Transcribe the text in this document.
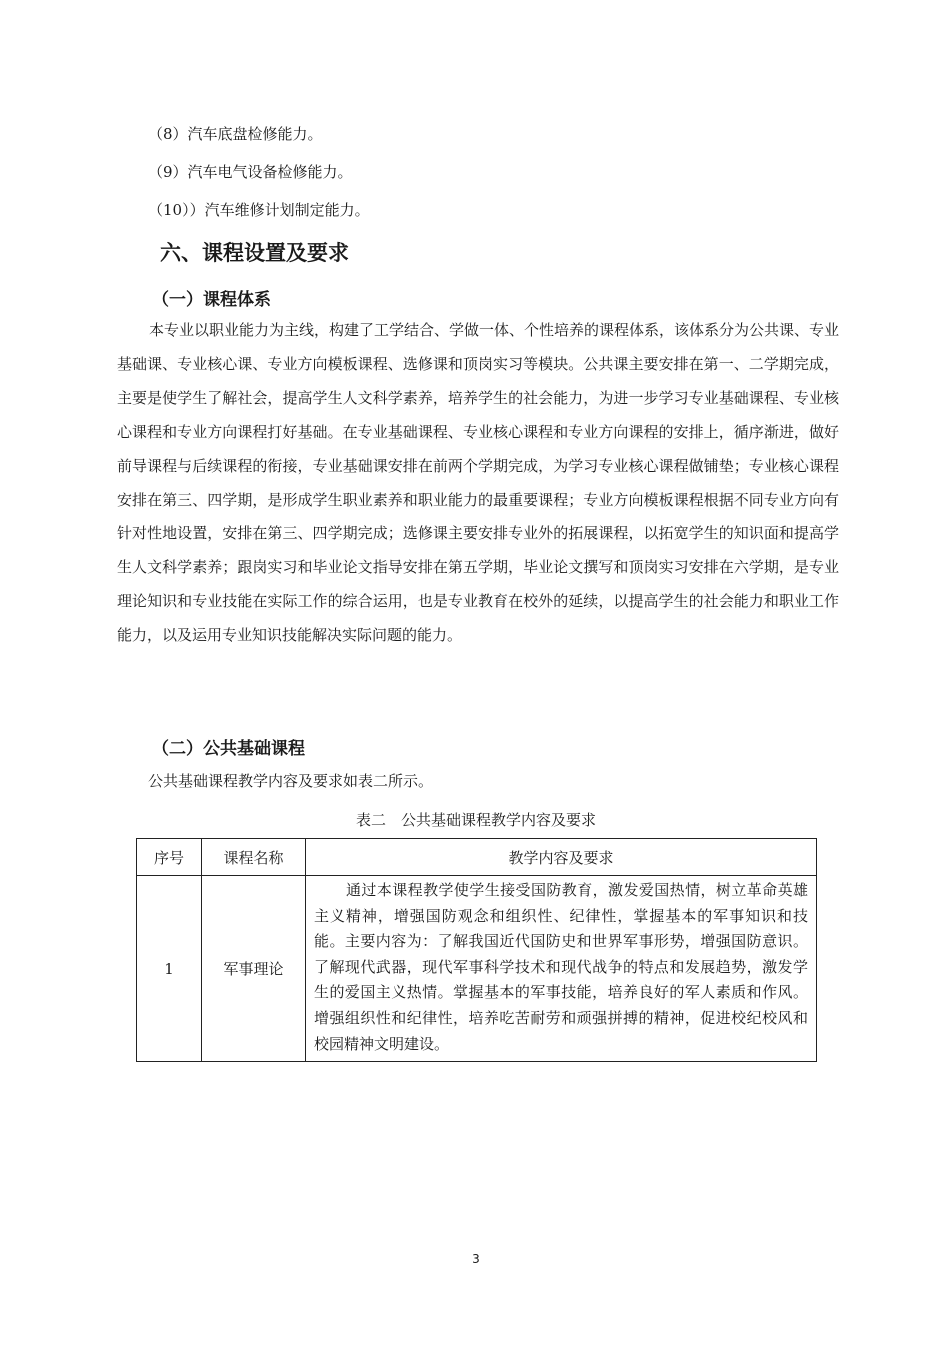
（8）汽车底盘检修能力。
（9）汽车电气设备检修能力。
（10））汽车维修计划制定能力。
六、课程设置及要求
（一）课程体系
本专业以职业能力为主线，构建了工学结合、学做一体、个性培养的课程体系，该体系分为公共课、专业基础课、专业核心课、专业方向模板课程、选修课和顶岗实习等模块。公共课主要安排在第一、二学期完成，主要是使学生了解社会，提高学生人文科学素养，培养学生的社会能力，为进一步学习专业基础课程、专业核心课程和专业方向课程打好基础。在专业基础课程、专业核心课程和专业方向课程的安排上，循序渐进，做好前导课程与后续课程的衔接，专业基础课安排在前两个学期完成，为学习专业核心课程做铺垫；专业核心课程安排在第三、四学期，是形成学生职业素养和职业能力的最重要课程；专业方向模板课程根据不同专业方向有针对性地设置，安排在第三、四学期完成；选修课主要安排专业外的拓展课程，以拓宽学生的知识面和提高学生人文科学素养；跟岗实习和毕业论文指导安排在第五学期，毕业论文撰写和顶岗实习安排在六学期，是专业理论知识和专业技能在实际工作的综合运用，也是专业教育在校外的延续，以提高学生的社会能力和职业工作能力，以及运用专业知识技能解决实际问题的能力。
（二）公共基础课程
公共基础课程教学内容及要求如表二所示。
表二　公共基础课程教学内容及要求
序号	课程名称	教学内容及要求
1	军事理论	通过本课程教学使学生接受国防教育，激发爱国热情，树立革命英雄主义精神，增强国防观念和组织性、纪律性，掌握基本的军事知识和技能。主要内容为：了解我国近代国防史和世界军事形势，增强国防意识。了解现代武器，现代军事科学技术和现代战争的特点和发展趋势，激发学生的爱国主义热情。掌握基本的军事技能，培养良好的军人素质和作风。增强组织性和纪律性，培养吃苦耐劳和顽强拼搏的精神，促进校纪校风和校园精神文明建设。
3
